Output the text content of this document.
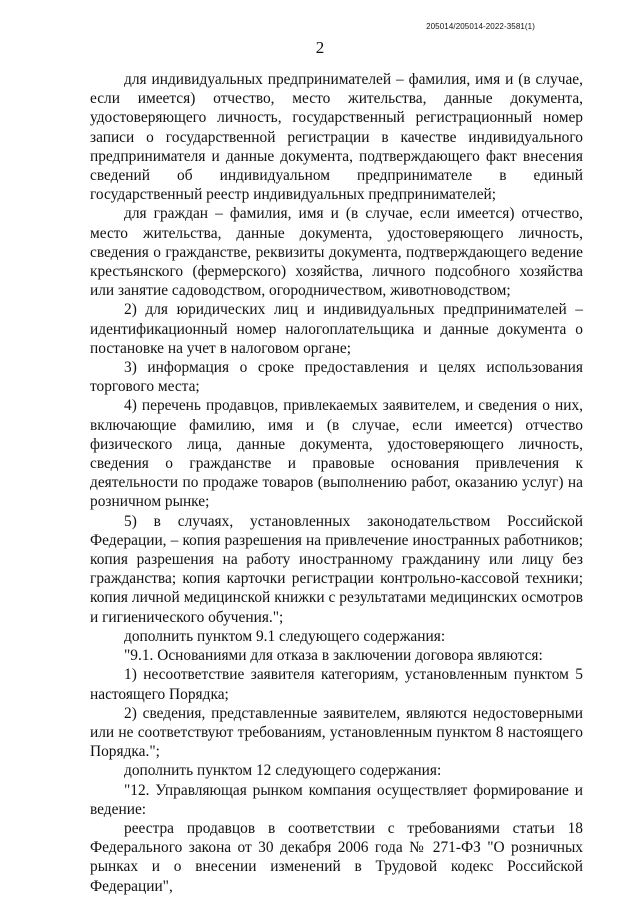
205014/205014-2022-3581(1)
2

для индивидуальных предпринимателей – фамилия, имя и (в случае, если имеется) отчество, место жительства, данные документа, удостоверяющего личность, государственный регистрационный номер записи о государственной регистрации в качестве индивидуального предпринимателя и данные документа, подтверждающего факт внесения сведений об индивидуальном предпринимателе в единый государственный реестр индивидуальных предпринимателей;

для граждан – фамилия, имя и (в случае, если имеется) отчество, место жительства, данные документа, удостоверяющего личность, сведения о гражданстве, реквизиты документа, подтверждающего ведение крестьянского (фермерского) хозяйства, личного подсобного хозяйства или занятие садоводством, огородничеством, животноводством;

2) для юридических лиц и индивидуальных предпринимателей – идентификационный номер налогоплательщика и данные документа о постановке на учет в налоговом органе;

3) информация о сроке предоставления и целях использования торгового места;

4) перечень продавцов, привлекаемых заявителем, и сведения о них, включающие фамилию, имя и (в случае, если имеется) отчество физического лица, данные документа, удостоверяющего личность, сведения о гражданстве и правовые основания привлечения к деятельности по продаже товаров (выполнению работ, оказанию услуг) на розничном рынке;

5) в случаях, установленных законодательством Российской Федерации, – копия разрешения на привлечение иностранных работников; копия разрешения на работу иностранному гражданину или лицу без гражданства; копия карточки регистрации контрольно-кассовой техники; копия личной медицинской книжки с результатами медицинских осмотров и гигиенического обучения.";

дополнить пунктом 9.1 следующего содержания:

"9.1. Основаниями для отказа в заключении договора являются:

1) несоответствие заявителя категориям, установленным пунктом 5 настоящего Порядка;

2) сведения, представленные заявителем, являются недостоверными или не соответствуют требованиям, установленным пунктом 8 настоящего Порядка.";

дополнить пунктом 12 следующего содержания:

"12. Управляющая рынком компания осуществляет формирование и ведение:

реестра продавцов в соответствии с требованиями статьи 18 Федерального закона от 30 декабря 2006 года № 271-ФЗ "О розничных рынках и о внесении изменений в Трудовой кодекс Российской Федерации",
